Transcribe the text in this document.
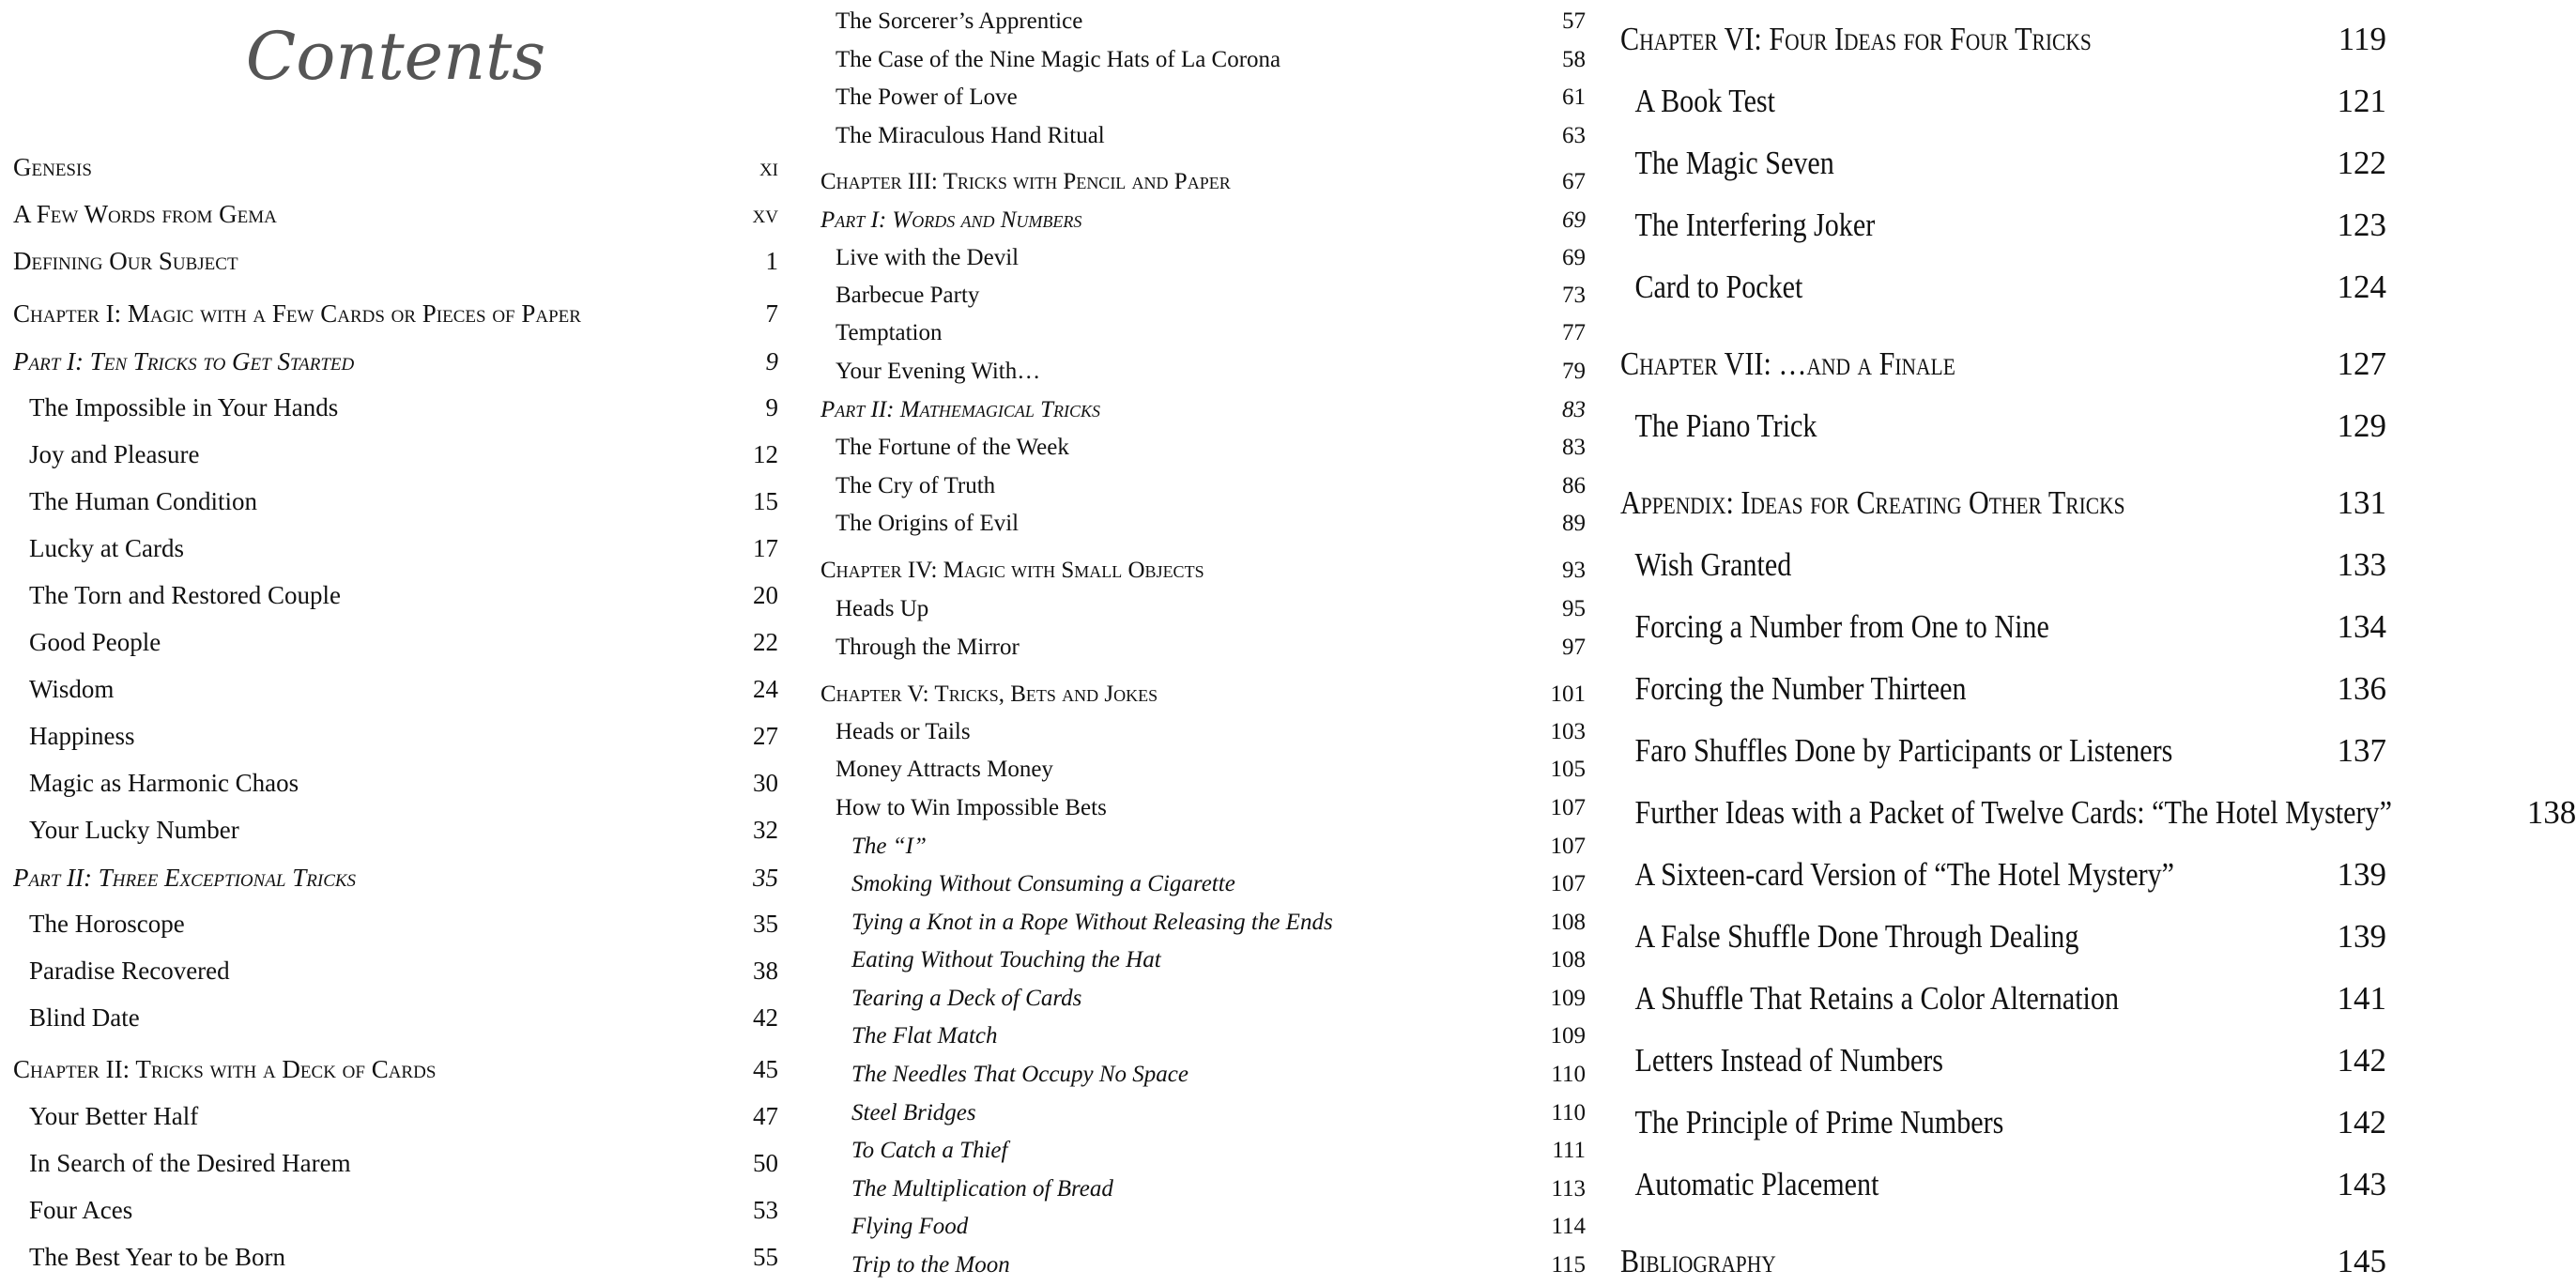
Contents
Genesis	xi
A Few Words from Gema	xv
Defining Our Subject	1
Chapter I: Magic with a Few Cards or Pieces of Paper	7
Part I: Ten Tricks to Get Started	9
The Impossible in Your Hands	9
Joy and Pleasure	12
The Human Condition	15
Lucky at Cards	17
The Torn and Restored Couple	20
Good People	22
Wisdom	24
Happiness	27
Magic as Harmonic Chaos	30
Your Lucky Number	32
Part II: Three Exceptional Tricks	35
The Horoscope	35
Paradise Recovered	38
Blind Date	42
Chapter II: Tricks with a Deck of Cards	45
Your Better Half	47
In Search of the Desired Harem	50
Four Aces	53
The Best Year to be Born	55
The Sorcerer’s Apprentice	57
The Case of the Nine Magic Hats of La Corona	58
The Power of Love	61
The Miraculous Hand Ritual	63
Chapter III: Tricks with Pencil and Paper	67
Part I: Words and Numbers	69
Live with the Devil	69
Barbecue Party	73
Temptation	77
Your Evening With…	79
Part II: Mathemagical Tricks	83
The Fortune of the Week	83
The Cry of Truth	86
The Origins of Evil	89
Chapter IV: Magic with Small Objects	93
Heads Up	95
Through the Mirror	97
Chapter V: Tricks, Bets and Jokes	101
Heads or Tails	103
Money Attracts Money	105
How to Win Impossible Bets	107
The “I”	107
Smoking Without Consuming a Cigarette	107
Tying a Knot in a Rope Without Releasing the Ends	108
Eating Without Touching the Hat	108
Tearing a Deck of Cards	109
The Flat Match	109
The Needles That Occupy No Space	110
Steel Bridges	110
To Catch a Thief	111
The Multiplication of Bread	113
Flying Food	114
Trip to the Moon	115
Chapter VI: Four Ideas for Four Tricks	119
A Book Test	121
The Magic Seven	122
The Interfering Joker	123
Card to Pocket	124
Chapter VII: …and a Finale	127
The Piano Trick	129
Appendix: Ideas for Creating Other Tricks	131
Wish Granted	133
Forcing a Number from One to Nine	134
Forcing the Number Thirteen	136
Faro Shuffles Done by Participants or Listeners	137
Further Ideas with a Packet of Twelve Cards: “The Hotel Mystery”	138
A Sixteen-card Version of “The Hotel Mystery”	139
A False Shuffle Done Through Dealing	139
A Shuffle That Retains a Color Alternation	141
Letters Instead of Numbers	142
The Principle of Prime Numbers	142
Automatic Placement	143
Bibliography	145
